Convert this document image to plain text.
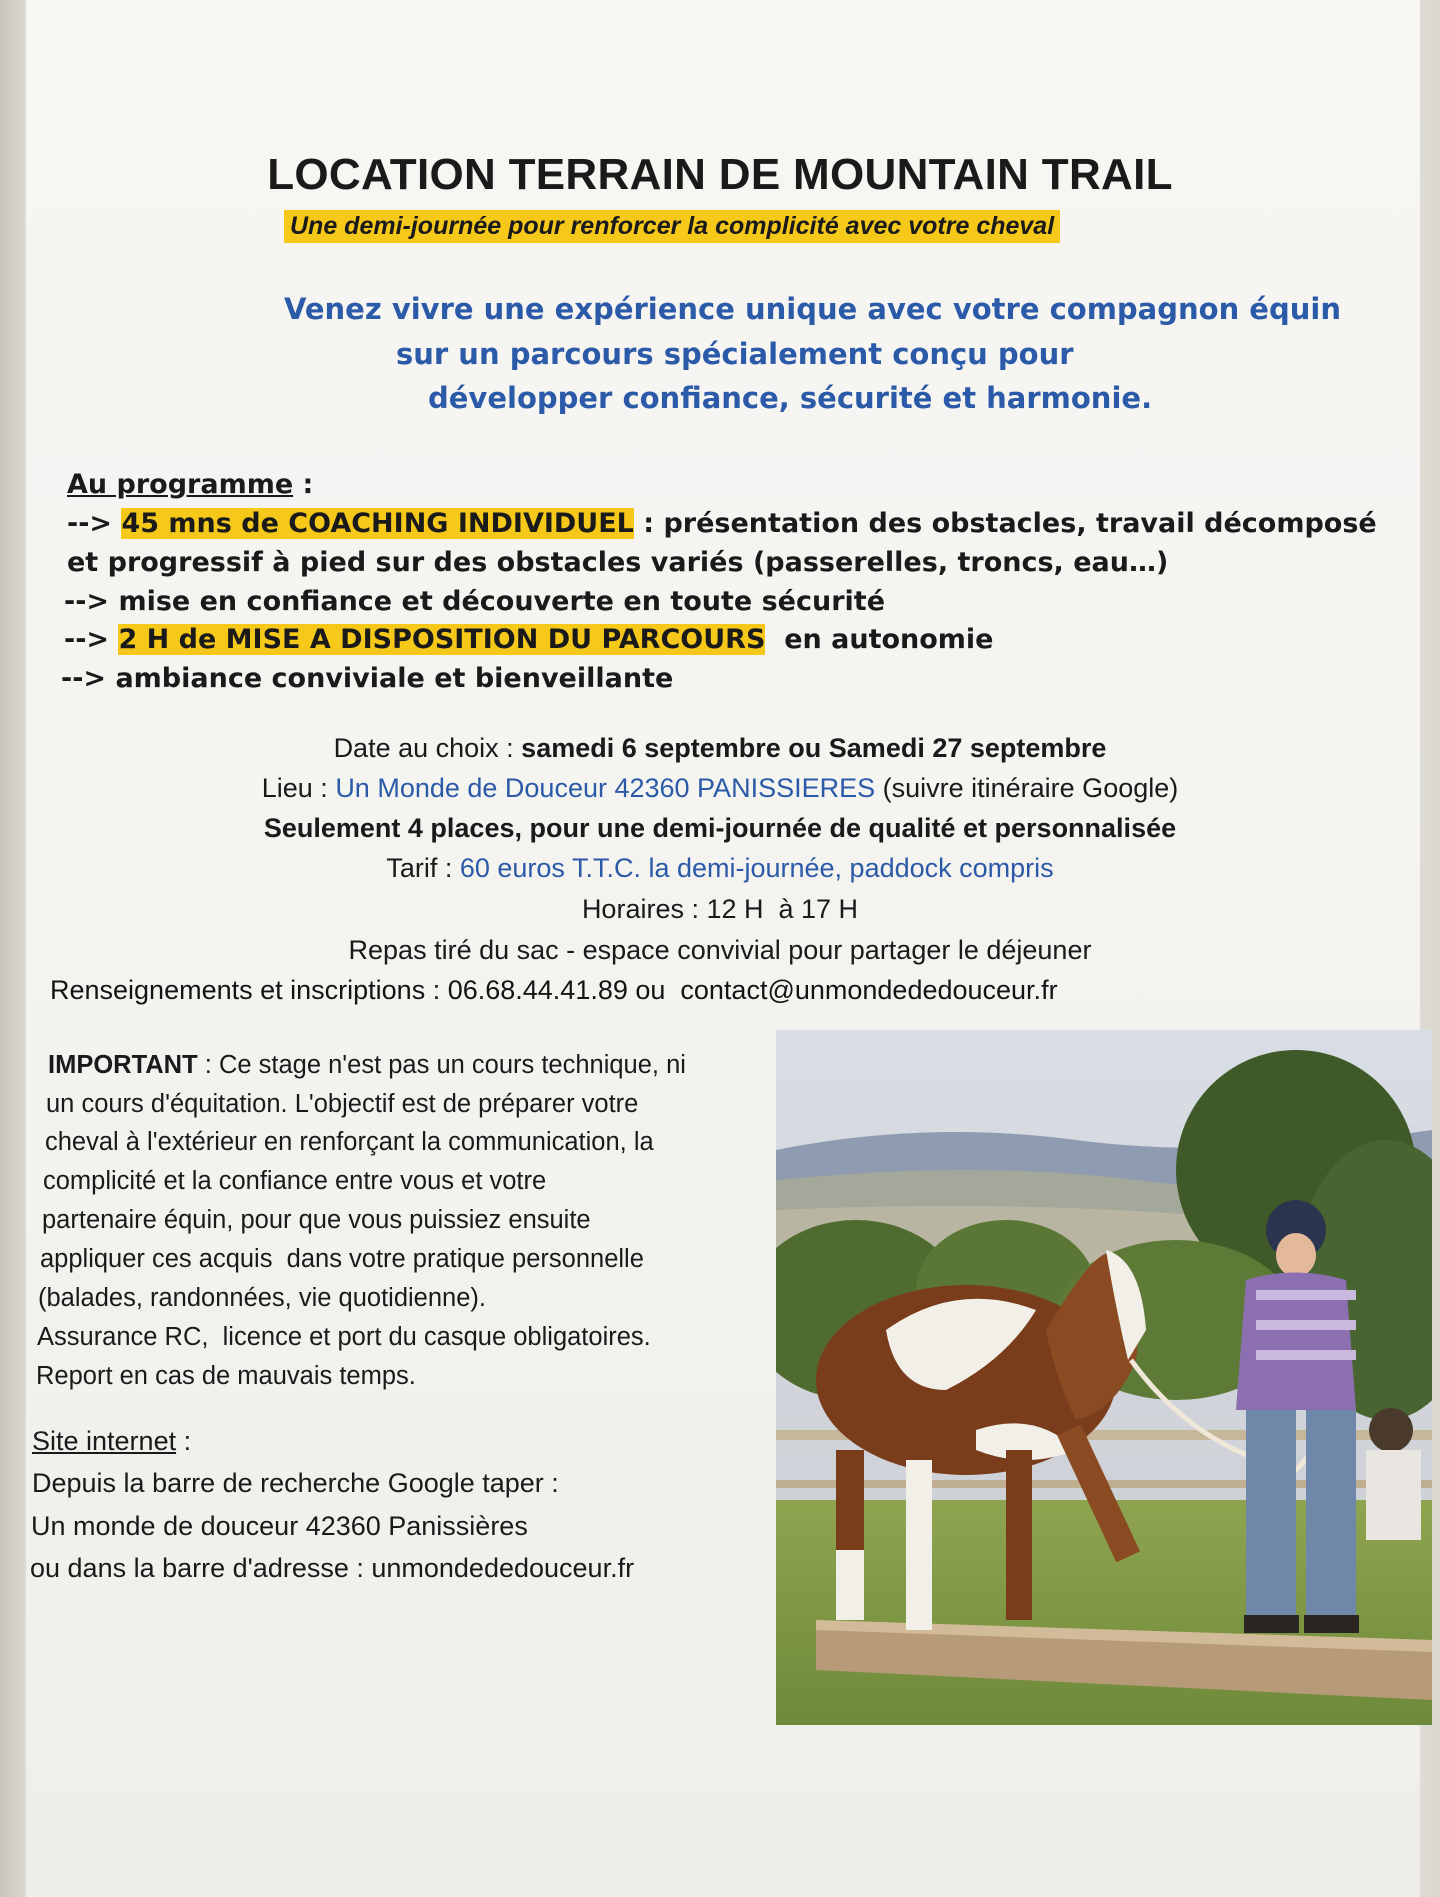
LOCATION TERRAIN DE MOUNTAIN TRAIL
Une demi-journée pour renforcer la complicité avec votre cheval
Venez vivre une expérience unique avec votre compagnon équin
sur un parcours spécialement conçu pour
développer confiance, sécurité et harmonie.
Au programme :
--> 45 mns de COACHING INDIVIDUEL : présentation des obstacles, travail décomposé
et progressif à pied sur des obstacles variés (passerelles, troncs, eau…)
--> mise en confiance et découverte en toute sécurité
--> 2 H de MISE A DISPOSITION DU PARCOURS  en autonomie
--> ambiance conviviale et bienveillante
Date au choix : samedi 6 septembre ou Samedi 27 septembre
Lieu : Un Monde de Douceur 42360 PANISSIERES (suivre itinéraire Google)
Seulement 4 places, pour une demi-journée de qualité et personnalisée
Tarif : 60 euros T.T.C. la demi-journée, paddock compris
Horaires : 12 H  à 17 H
Repas tiré du sac - espace convivial pour partager le déjeuner
Renseignements et inscriptions : 06.68.44.41.89 ou  contact@unmondededouceur.fr
IMPORTANT : Ce stage n'est pas un cours technique, ni
un cours d'équitation. L'objectif est de préparer votre
cheval à l'extérieur en renforçant la communication, la
complicité et la confiance entre vous et votre
partenaire équin, pour que vous puissiez ensuite
appliquer ces acquis  dans votre pratique personnelle
(balades, randonnées, vie quotidienne).
Assurance RC,  licence et port du casque obligatoires.
Report en cas de mauvais temps.
Site internet :
Depuis la barre de recherche Google taper :
Un monde de douceur 42360 Panissières
ou dans la barre d'adresse : unmondededouceur.fr
